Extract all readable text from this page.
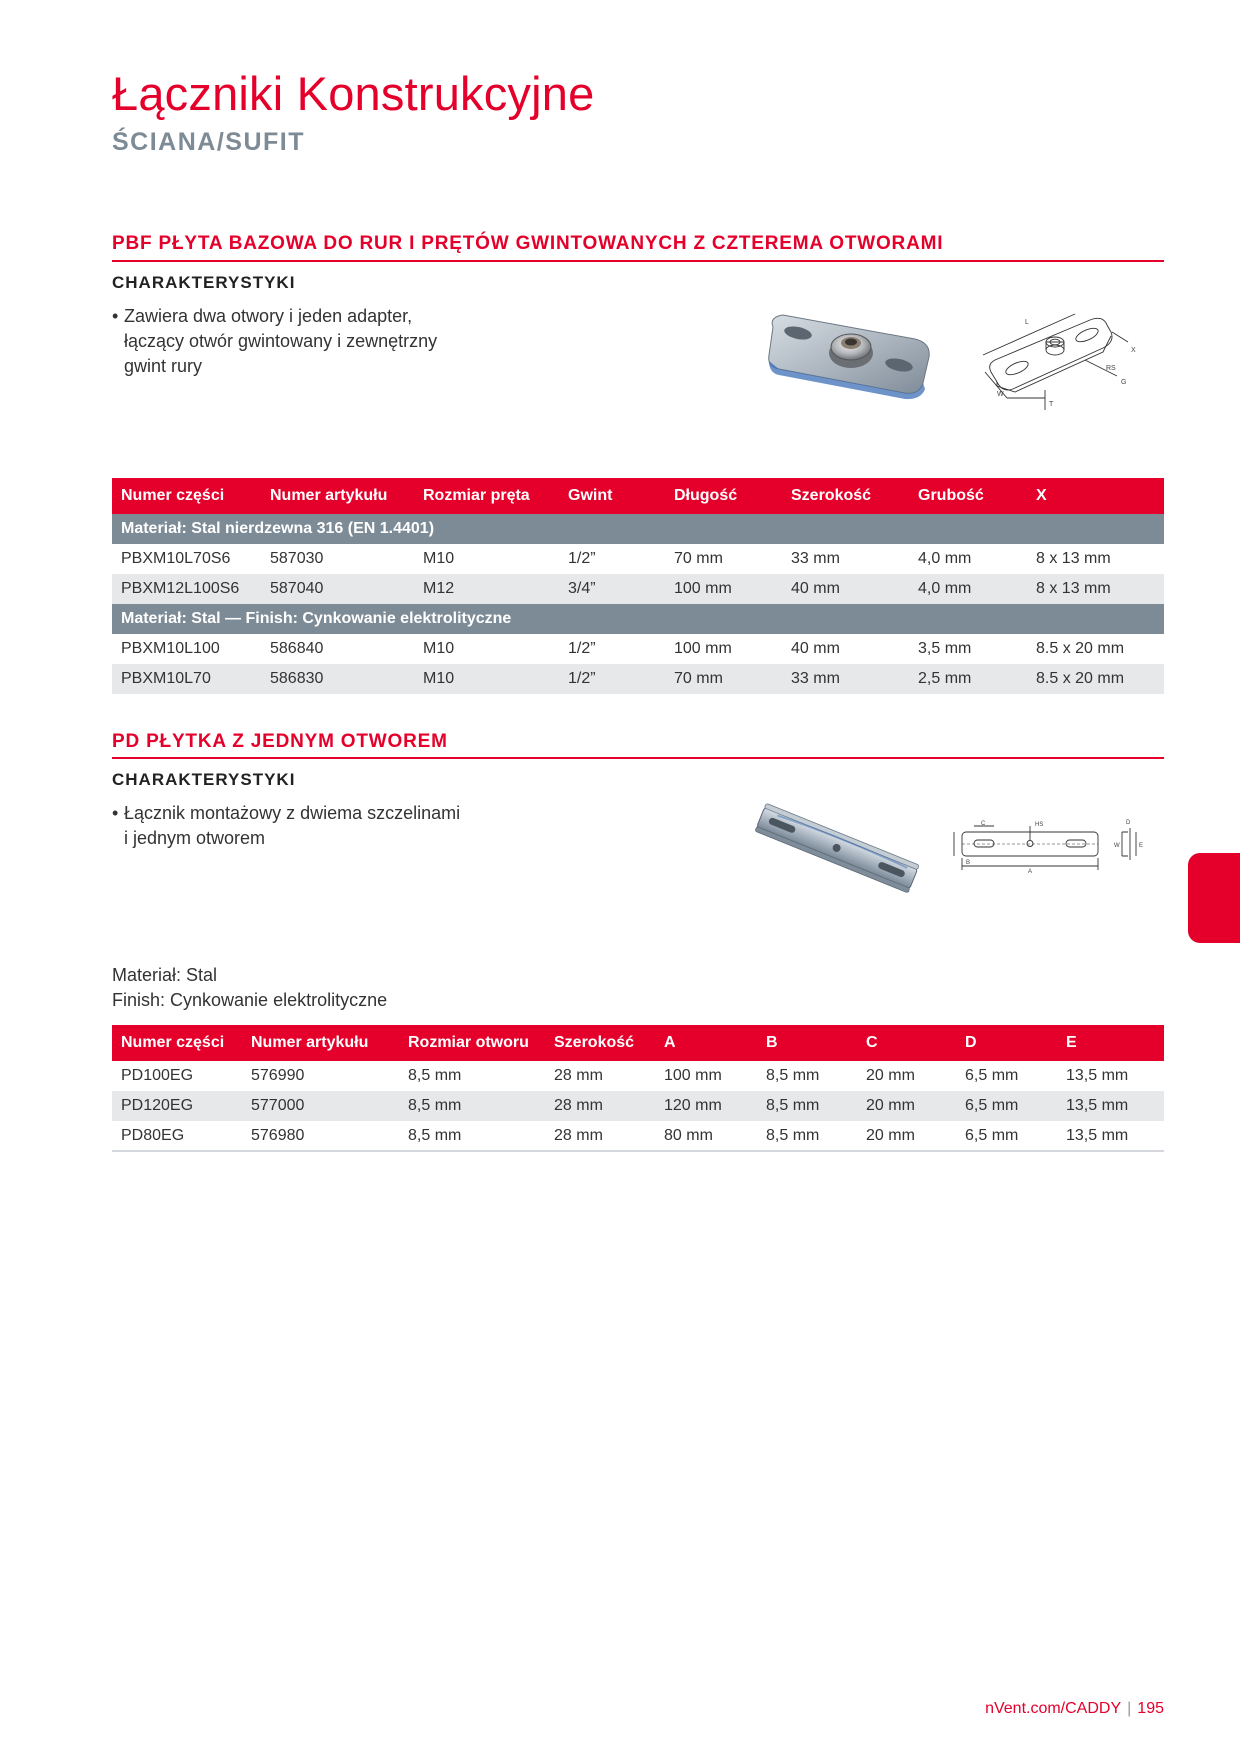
Łączniki Konstrukcyjne
ŚCIANA/SUFIT
PBF PŁYTA BAZOWA DO RUR I PRĘTÓW GWINTOWANYCH Z CZTEREMA OTWORAMI
CHARAKTERYSTYKI
• Zawiera dwa otwory i jeden adapter,
łączący otwór gwintowany i zewnętrzny
gwint rury
L
X
RS
G
W
T
Numer części	Numer artykułu	Rozmiar pręta	Gwint	Długość	Szerokość	Grubość	X
Materiał: Stal nierdzewna 316 (EN 1.4401)							
PBXM10L70S6	587030	M10	1/2”	70 mm	33 mm	4,0 mm	8 x 13 mm
PBXM12L100S6	587040	M12	3/4”	100 mm	40 mm	4,0 mm	8 x 13 mm
Materiał: Stal — Finish: Cynkowanie elektrolityczne							
PBXM10L100	586840	M10	1/2”	100 mm	40 mm	3,5 mm	8.5 x 20 mm
PBXM10L70	586830	M10	1/2”	70 mm	33 mm	2,5 mm	8.5 x 20 mm
PD PŁYTKA Z JEDNYM OTWOREM
CHARAKTERYSTYKI
• Łącznik montażowy z dwiema szczelinami
i jednym otworem
C	HS	D
W	E
B
A
Materiał: Stal
Finish: Cynkowanie elektrolityczne
Numer części	Numer artykułu	Rozmiar otworu	Szerokość	A	B	C	D	E
PD100EG	576990	8,5 mm	28 mm	100 mm	8,5 mm	20 mm	6,5 mm	13,5 mm
PD120EG	577000	8,5 mm	28 mm	120 mm	8,5 mm	20 mm	6,5 mm	13,5 mm
PD80EG	576980	8,5 mm	28 mm	80 mm	8,5 mm	20 mm	6,5 mm	13,5 mm
nVent.com/CADDY | 195
